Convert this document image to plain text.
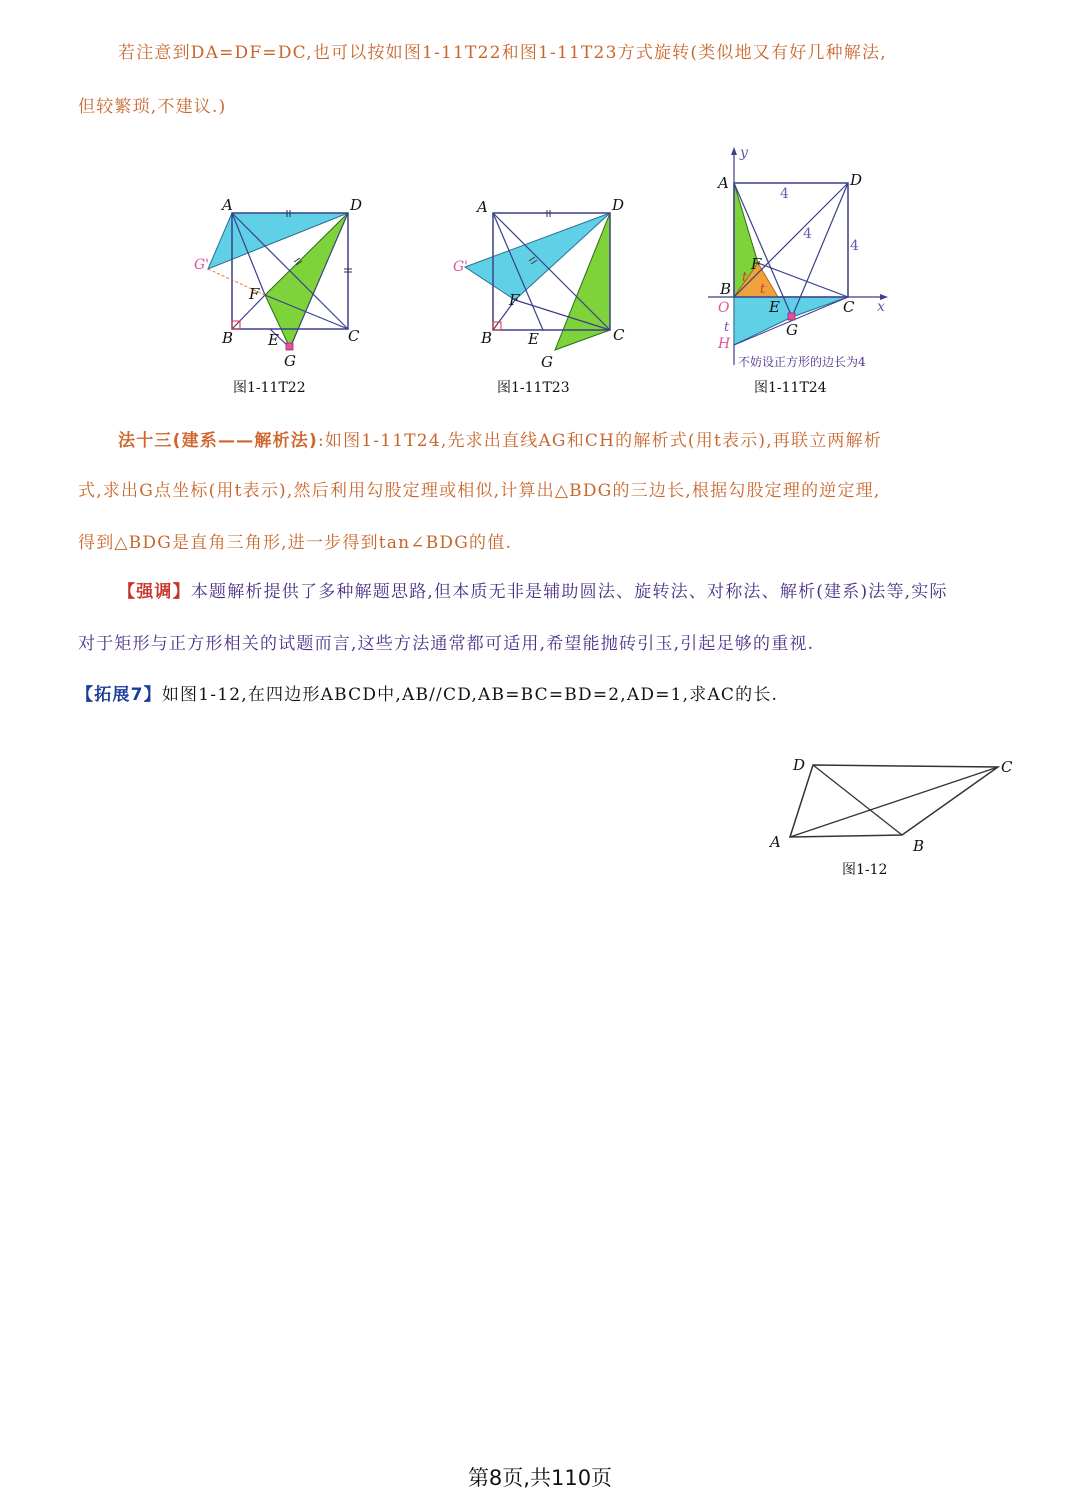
若注意到DA=DF=DC,也可以按如图1-11T22和图1-11T23方式旋转(类似地又有好几种解法,
但较繁琐,不建议.)
A	D
G'
F
B E	C
G
图1-11T22
A	D
G'
F
B E	C
G
图1-11T23
y
A	D
4
4
4
F
t
t
B
O	E	C x
t	G
H
不妨设正方形的边长为4
图1-11T24
法十三(建系——解析法):如图1-11T24,先求出直线AG和CH的解析式(用t表示),再联立两解析
式,求出G点坐标(用t表示),然后利用勾股定理或相似,计算出△BDG的三边长,根据勾股定理的逆定理,
得到△BDG是直角三角形,进一步得到tan∠BDG的值.
【强调】本题解析提供了多种解题思路,但本质无非是辅助圆法、旋转法、对称法、解析(建系)法等,实际
对于矩形与正方形相关的试题而言,这些方法通常都可适用,希望能抛砖引玉,引起足够的重视.
【拓展7】如图1-12,在四边形ABCD中,AB//CD,AB=BC=BD=2,AD=1,求AC的长.
D	C
A	B
图1-12
第8页,共110页
